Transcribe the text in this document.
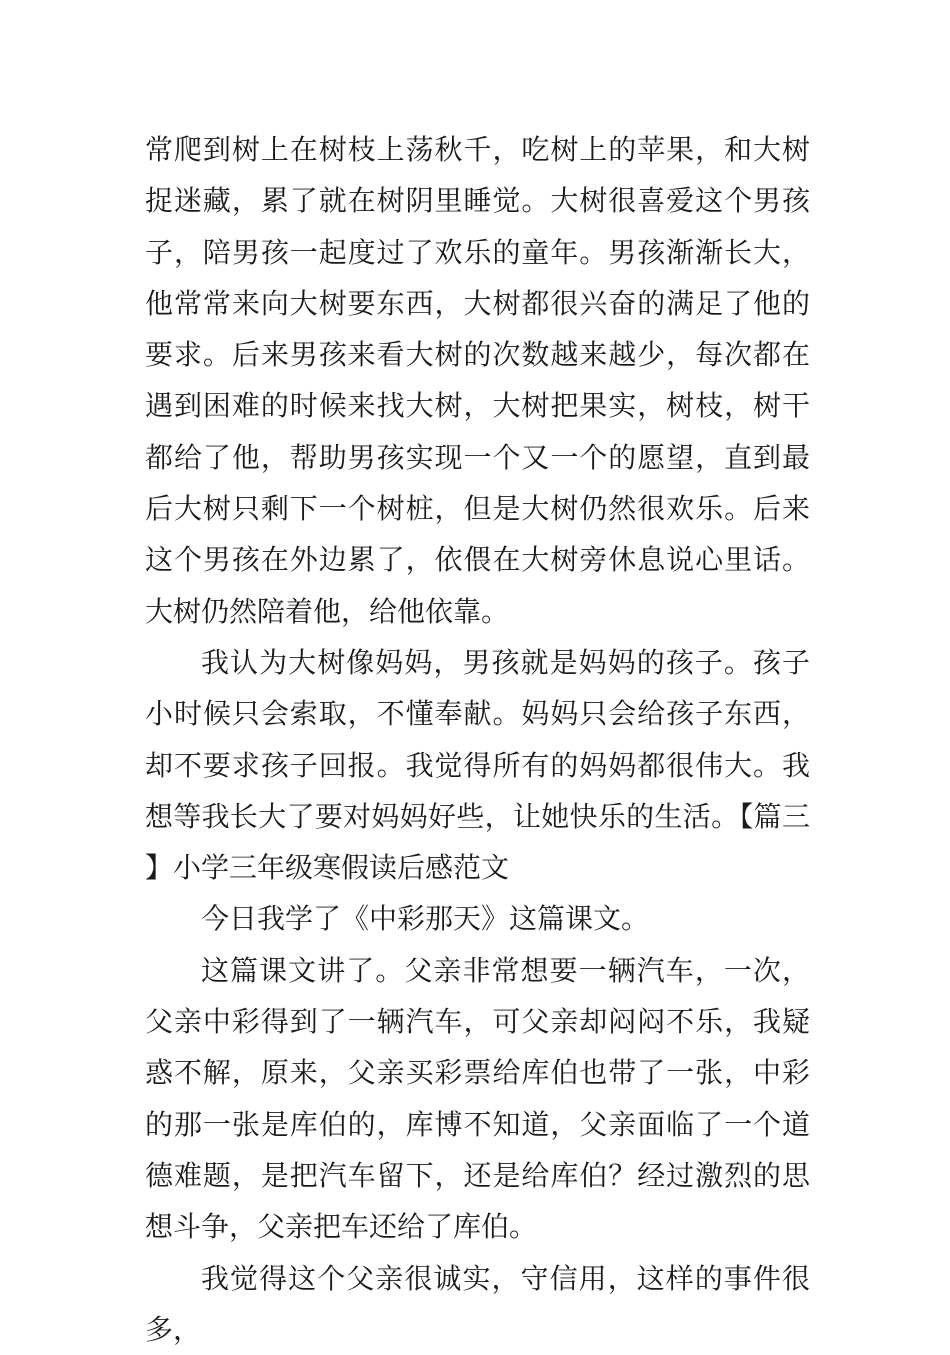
常爬到树上在树枝上荡秋千，吃树上的苹果，和大树捉迷藏，累了就在树阴里睡觉。大树很喜爱这个男孩子，陪男孩一起度过了欢乐的童年。男孩渐渐长大，他常常来向大树要东西，大树都很兴奋的满足了他的要求。后来男孩来看大树的次数越来越少，每次都在遇到困难的时候来找大树，大树把果实，树枝，树干都给了他，帮助男孩实现一个又一个的愿望，直到最后大树只剩下一个树桩，但是大树仍然很欢乐。后来这个男孩在外边累了，依偎在大树旁休息说心里话。大树仍然陪着他，给他依靠。

我认为大树像妈妈，男孩就是妈妈的孩子。孩子小时候只会索取，不懂奉献。妈妈只会给孩子东西，却不要求孩子回报。我觉得所有的妈妈都很伟大。我想等我长大了要对妈妈好些，让她快乐的生活。【篇三】小学三年级寒假读后感范文

今日我学了《中彩那天》这篇课文。

这篇课文讲了。父亲非常想要一辆汽车，一次，父亲中彩得到了一辆汽车，可父亲却闷闷不乐，我疑惑不解，原来，父亲买彩票给库伯也带了一张，中彩的那一张是库伯的，库博不知道，父亲面临了一个道德难题，是把汽车留下，还是给库伯？经过激烈的思想斗争，父亲把车还给了库伯。

我觉得这个父亲很诚实，守信用，这样的事件很多，
